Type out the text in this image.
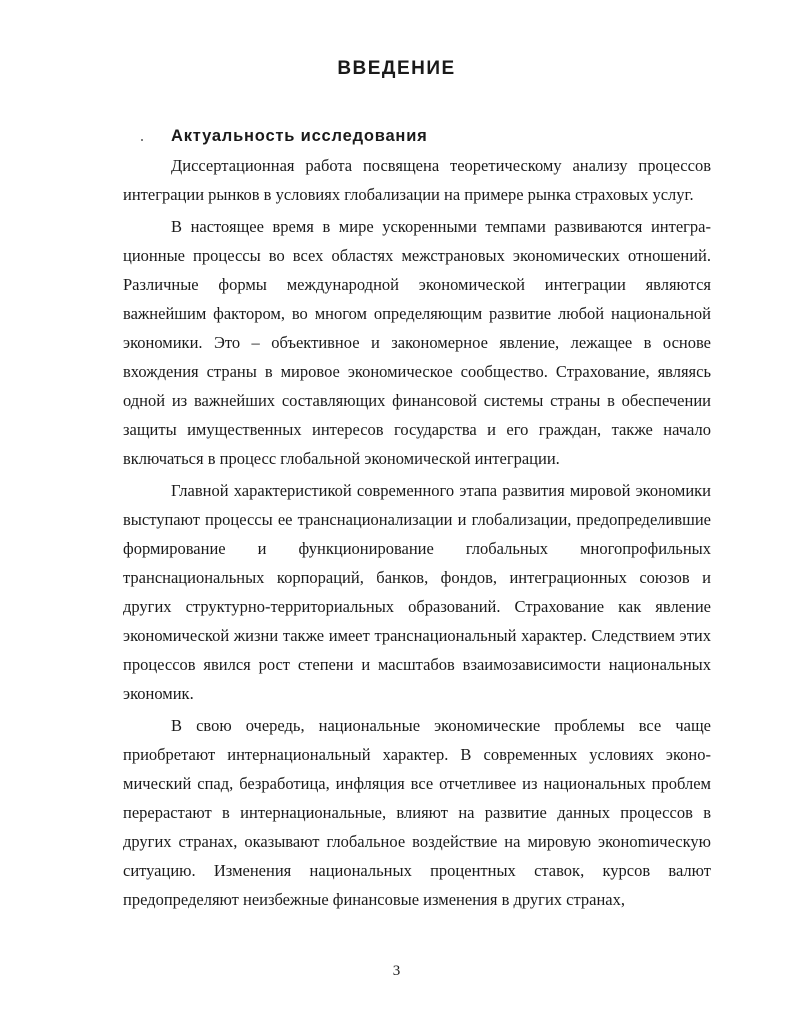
ВВЕДЕНИЕ
Актуальность исследования

Диссертационная работа посвящена теоретическому анализу процессов интеграции рынков в условиях глобализации на примере рынка страховых услуг.

В настоящее время в мире ускоренными темпами развиваются интеграционные процессы во всех областях межстрановых экономических отношений. Различные формы международной экономической интеграции являются важнейшим фактором, во многом определяющим развитие любой национальной экономики. Это – объективное и закономерное явление, лежащее в основе вхождения страны в мировое экономическое сообщество. Страхование, являясь одной из важнейших составляющих финансовой системы страны в обеспечении защиты имущественных интересов государства и его граждан, также начало включаться в процесс глобальной экономической интеграции.

Главной характеристикой современного этапа развития мировой экономики выступают процессы ее транснационализации и глобализации, предопределившие формирование и функционирование глобальных многопрофильных транснациональных корпораций, банков, фондов, интеграционных союзов и других структурно-территориальных образований. Страхование как явление экономической жизни также имеет транснациональный характер. Следствием этих процессов явился рост степени и масштабов взаимозависимости национальных экономик.

В свою очередь, национальные экономические проблемы все чаще приобретают интернациональный характер. В современных условиях экономический спад, безработица, инфляция все отчетливее из национальных проблем перерастают в интернациональные, влияют на развитие данных процессов в других странах, оказывают глобальное воздействие на мировую эконоmическую ситуацию. Изменения национальных процентных ставок, курсов валют предопределяют неизбежные финансовые изменения в других странах,

3
